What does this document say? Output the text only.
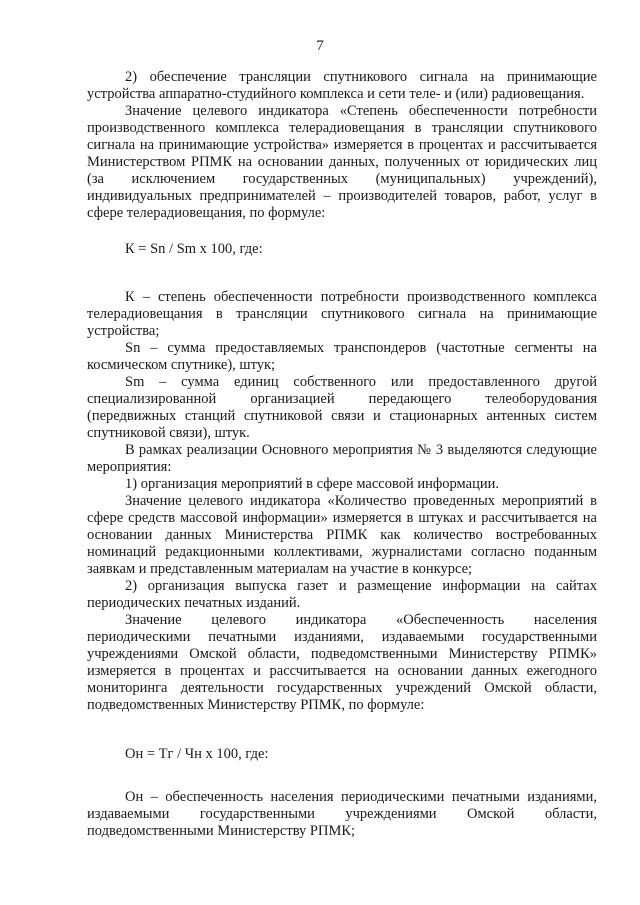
7

2) обеспечение трансляции спутникового сигнала на принимающие устройства аппаратно-студийного комплекса и сети теле- и (или) радиовещания.

Значение целевого индикатора «Степень обеспеченности потребности производственного комплекса телерадиовещания в трансляции спутникового сигнала на принимающие устройства» измеряется в процентах и рассчитывается Министерством РПМК на основании данных, полученных от юридических лиц (за исключением государственных (муниципальных) учреждений), индивидуальных предпринимателей – производителей товаров, работ, услуг в сфере телерадиовещания, по формуле:

К = Sn / Sm x 100, где:

К – степень обеспеченности потребности производственного комплекса телерадиовещания в трансляции спутникового сигнала на принимающие устройства;

Sn – сумма предоставляемых транспондеров (частотные сегменты на космическом спутнике), штук;

Sm – сумма единиц собственного или предоставленного другой специализированной организацией передающего телеоборудования (передвижных станций спутниковой связи и стационарных антенных систем спутниковой связи), штук.

В рамках реализации Основного мероприятия № 3 выделяются следующие мероприятия:

1) организация мероприятий в сфере массовой информации.

Значение целевого индикатора «Количество проведенных мероприятий в сфере средств массовой информации» измеряется в штуках и рассчитывается на основании данных Министерства РПМК как количество востребованных номинаций редакционными коллективами, журналистами согласно поданным заявкам и представленным материалам на участие в конкурсе;

2) организация выпуска газет и размещение информации на сайтах периодических печатных изданий.

Значение целевого индикатора «Обеспеченность населения периодическими печатными изданиями, издаваемыми государственными учреждениями Омской области, подведомственными Министерству РПМК» измеряется в процентах и рассчитывается на основании данных ежегодного мониторинга деятельности государственных учреждений Омской области, подведомственных Министерству РПМК, по формуле:

Он = Тг / Чн x 100, где:

Он – обеспеченность населения периодическими печатными изданиями, издаваемыми государственными учреждениями Омской области, подведомственными Министерству РПМК;
